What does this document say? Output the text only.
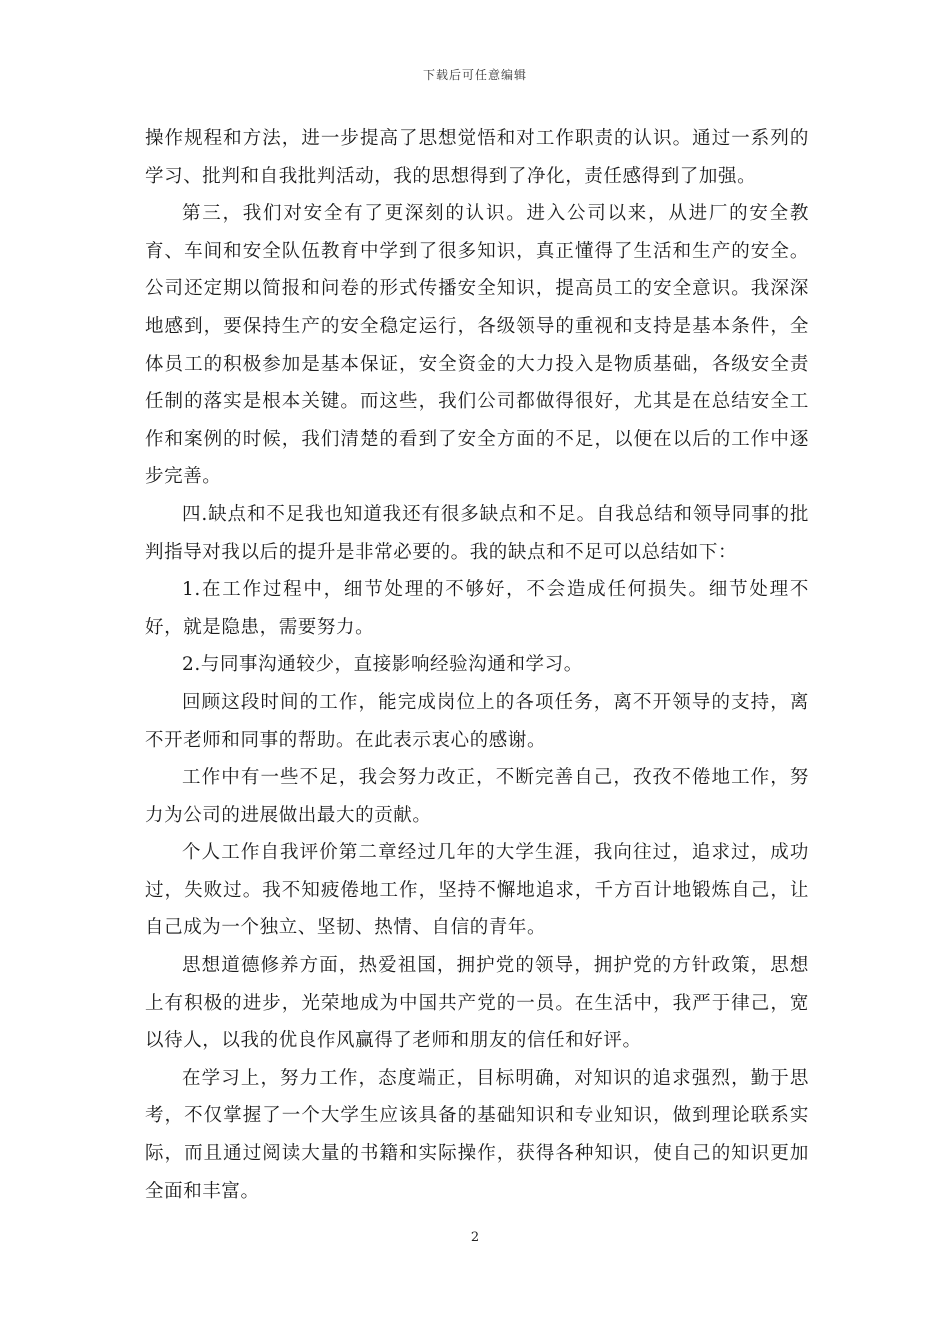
下载后可任意编辑

操作规程和方法，进一步提高了思想觉悟和对工作职责的认识。通过一系列的学习、批判和自我批判活动，我的思想得到了净化，责任感得到了加强。

第三，我们对安全有了更深刻的认识。进入公司以来，从进厂的安全教育、车间和安全队伍教育中学到了很多知识，真正懂得了生活和生产的安全。公司还定期以简报和问卷的形式传播安全知识，提高员工的安全意识。我深深地感到，要保持生产的安全稳定运行，各级领导的重视和支持是基本条件，全体员工的积极参加是基本保证，安全资金的大力投入是物质基础，各级安全责任制的落实是根本关键。而这些，我们公司都做得很好，尤其是在总结安全工作和案例的时候，我们清楚的看到了安全方面的不足，以便在以后的工作中逐步完善。

四.缺点和不足我也知道我还有很多缺点和不足。自我总结和领导同事的批判指导对我以后的提升是非常必要的。我的缺点和不足可以总结如下：

1.在工作过程中，细节处理的不够好，不会造成任何损失。细节处理不好，就是隐患，需要努力。

2.与同事沟通较少，直接影响经验沟通和学习。

回顾这段时间的工作，能完成岗位上的各项任务，离不开领导的支持，离不开老师和同事的帮助。在此表示衷心的感谢。

工作中有一些不足，我会努力改正，不断完善自己，孜孜不倦地工作，努力为公司的进展做出最大的贡献。

个人工作自我评价第二章经过几年的大学生涯，我向往过，追求过，成功过，失败过。我不知疲倦地工作，坚持不懈地追求，千方百计地锻炼自己，让自己成为一个独立、坚韧、热情、自信的青年。

思想道德修养方面，热爱祖国，拥护党的领导，拥护党的方针政策，思想上有积极的进步，光荣地成为中国共产党的一员。在生活中，我严于律己，宽以待人，以我的优良作风赢得了老师和朋友的信任和好评。

在学习上，努力工作，态度端正，目标明确，对知识的追求强烈，勤于思考，不仅掌握了一个大学生应该具备的基础知识和专业知识，做到理论联系实际，而且通过阅读大量的书籍和实际操作，获得各种知识，使自己的知识更加全面和丰富。

2
